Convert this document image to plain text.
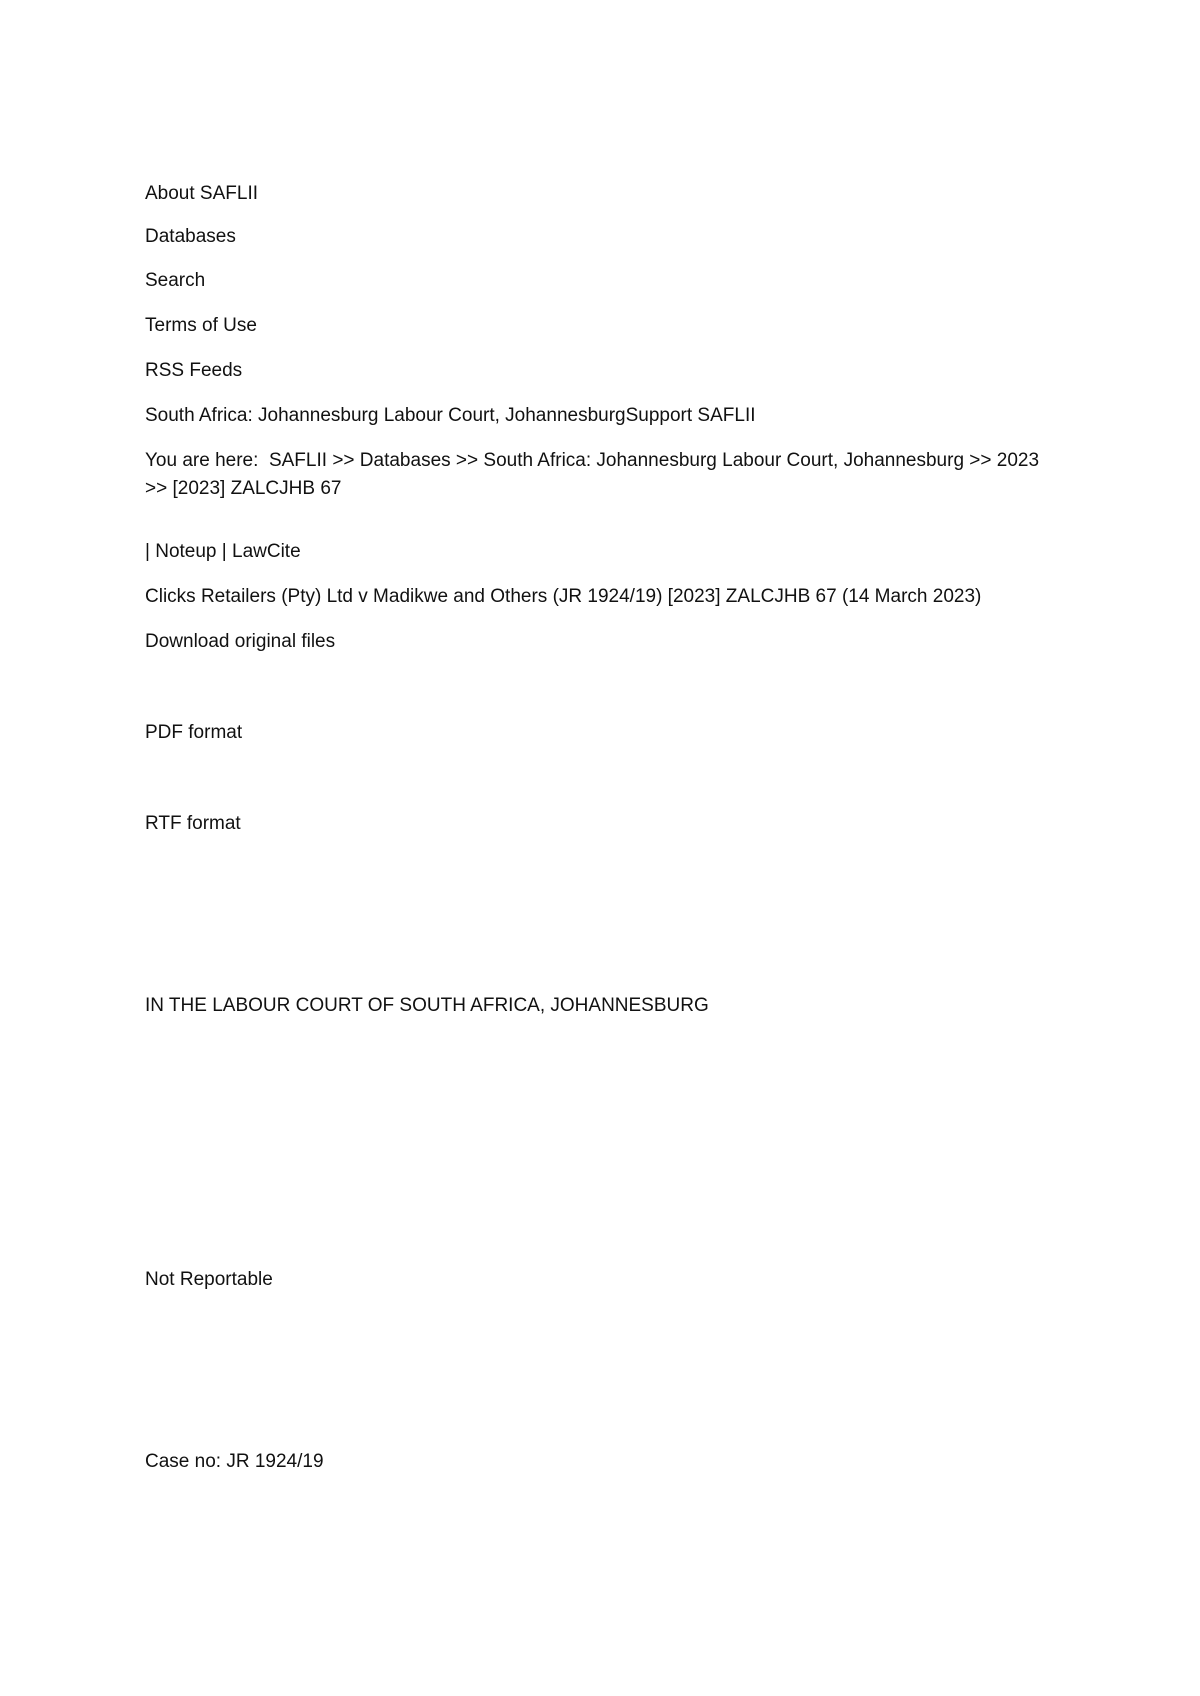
About SAFLII
Databases
Search
Terms of Use
RSS Feeds
South Africa: Johannesburg Labour Court, JohannesburgSupport SAFLII
You are here: SAFLII >> Databases >> South Africa: Johannesburg Labour Court, Johannesburg >> 2023 >> [2023] ZALCJHB 67
| Noteup | LawCite
Clicks Retailers (Pty) Ltd v Madikwe and Others (JR 1924/19) [2023] ZALCJHB 67 (14 March 2023)
Download original files
PDF format
RTF format
IN THE LABOUR COURT OF SOUTH AFRICA, JOHANNESBURG
Not Reportable
Case no: JR 1924/19
